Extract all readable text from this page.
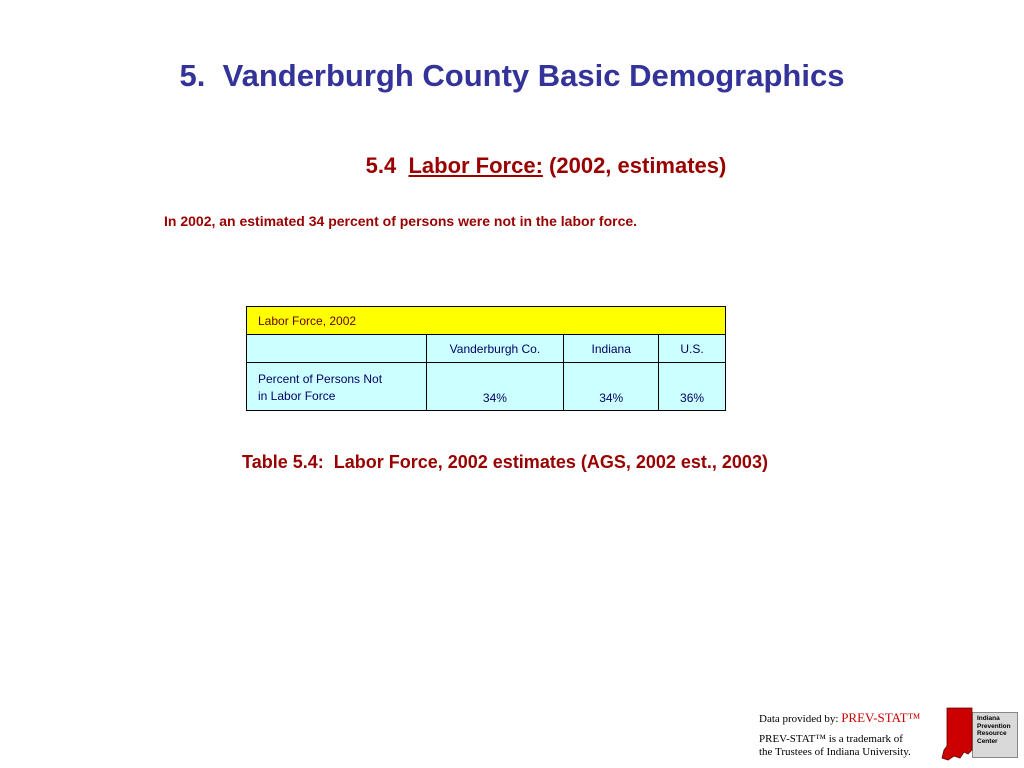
5.  Vanderburgh County Basic Demographics
5.4  Labor Force: (2002, estimates)
In 2002, an estimated 34 percent of persons were not in the labor force.
Labor Force, 2002			
	Vanderburgh Co.	Indiana	U.S.
Percent of Persons Not
in Labor Force	34%	34%	36%
Table 5.4:  Labor Force, 2002 estimates (AGS, 2002 est., 2003)
Data provided by: PREV-STAT™
PREV-STAT™ is a trademark of
the Trustees of Indiana University.
Indiana
Prevention
Resource
Center
